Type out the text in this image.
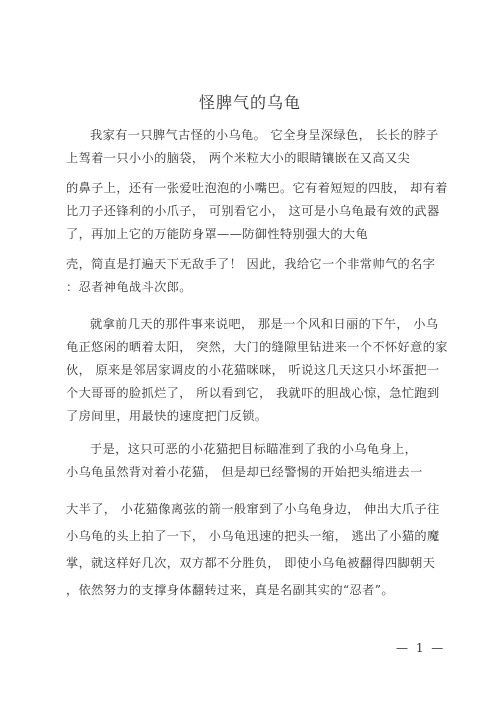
怪脾气的乌龟
我家有一只脾气古怪的小乌龟。 它全身呈深绿色， 长长的脖子
上驾着一只小小的脑袋， 两个米粒大小的眼睛镶嵌在又高又尖
的鼻子上，还有一张爱吐泡泡的小嘴巴。它有着短短的四肢， 却有着
比刀子还锋利的小爪子， 可别看它小， 这可是小乌龟最有效的武器
了，再加上它的万能防身罩——防御性特别强大的大龟
壳，简直是打遍天下无敌手了！ 因此，我给它一个非常帅气的名字
：忍者神龟战斗次郎。
就拿前几天的那件事来说吧， 那是一个风和日丽的下午， 小乌
龟正悠闲的晒着太阳， 突然，大门的缝隙里钻进来一个不怀好意的家
伙， 原来是邻居家调皮的小花猫咪咪， 听说这几天这只小坏蛋把一
个大哥哥的脸抓烂了， 所以看到它， 我就吓的胆战心惊，急忙跑到
了房间里，用最快的速度把门反锁。
于是，这只可恶的小花猫把目标瞄准到了我的小乌龟身上，
小乌龟虽然背对着小花猫， 但是却已经警惕的开始把头缩进去一
大半了， 小花猫像离弦的箭一般窜到了小乌龟身边， 伸出大爪子往
小乌龟的头上拍了一下， 小乌龟迅速的把头一缩， 逃出了小猫的魔
掌，就这样好几次，双方都不分胜负， 即使小乌龟被翻得四脚朝天
，依然努力的支撑身体翻转过来，真是名副其实的“忍者”。
— 1 —
